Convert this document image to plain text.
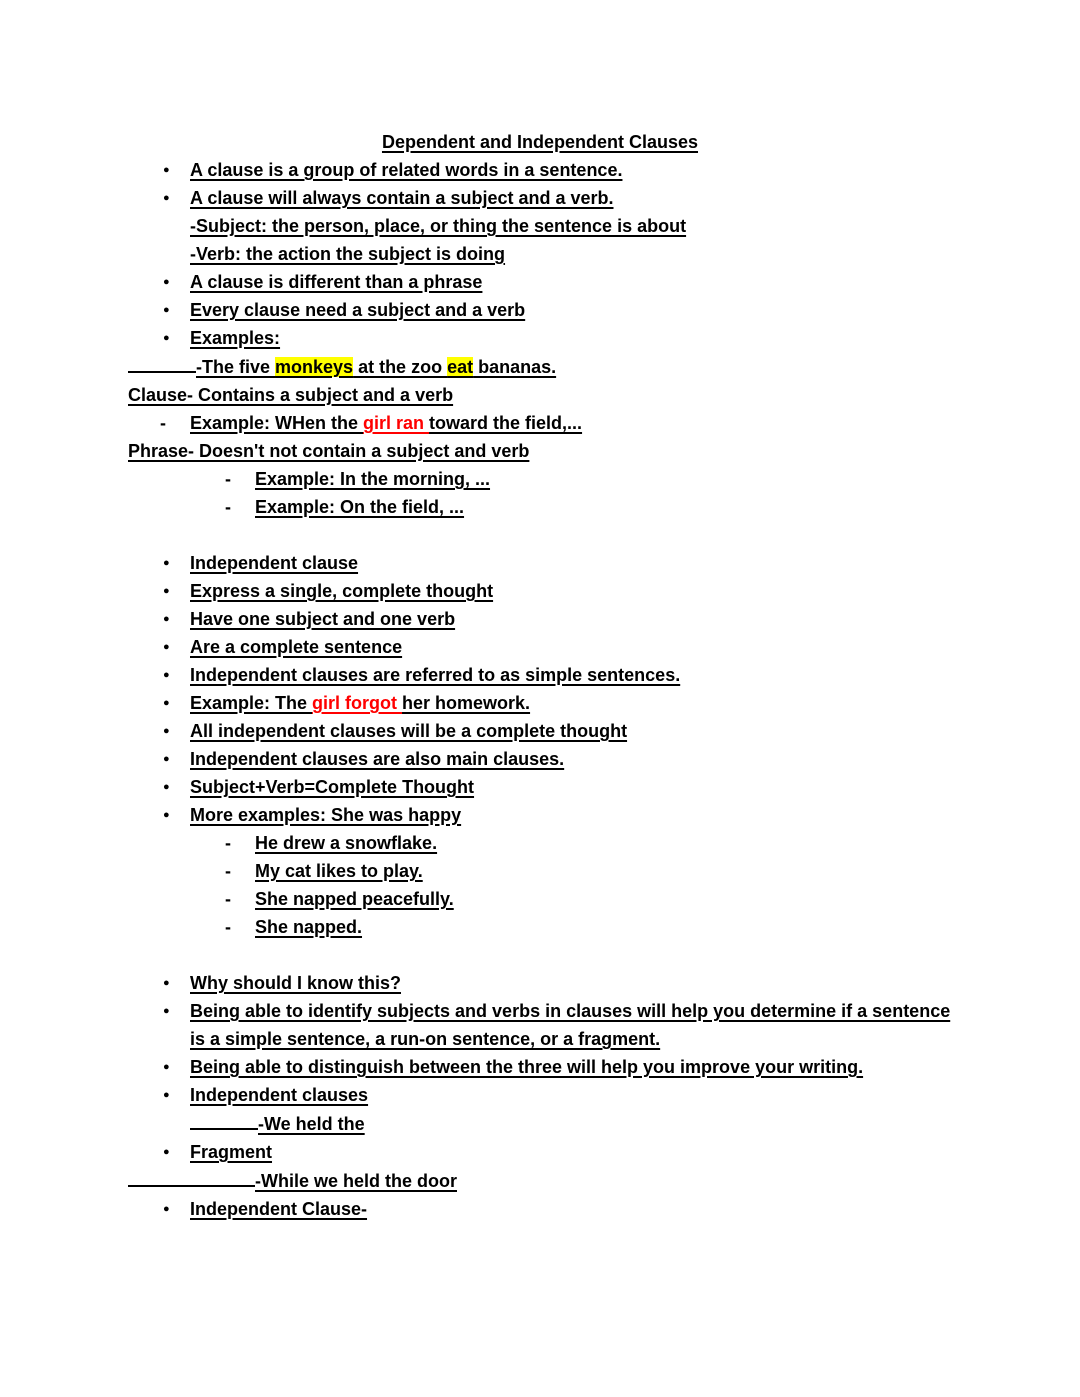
Dependent and Independent Clauses
● A clause is a group of related words in a sentence.
● A clause will always contain a subject and a verb.
-Subject: the person, place, or thing the sentence is about
-Verb: the action the subject is doing
● A clause is different than a phrase
● Every clause need a subject and a verb
● Examples:
-The five monkeys at the zoo eat bananas.
Clause- Contains a subject and a verb
- Example: WHen the girl ran toward the field,...
Phrase- Doesn't not contain a subject and verb
- Example: In the morning, ...
- Example: On the field, ...
● Independent clause
● Express a single, complete thought
● Have one subject and one verb
● Are a complete sentence
● Independent clauses are referred to as simple sentences.
● Example: The girl forgot her homework.
● All independent clauses will be a complete thought
● Independent clauses are also main clauses.
● Subject+Verb=Complete Thought
● More examples: She was happy
- He drew a snowflake.
- My cat likes to play.
- She napped peacefully.
- She napped.
● Why should I know this?
● Being able to identify subjects and verbs in clauses will help you determine if a sentence is a simple sentence, a run-on sentence, or a fragment.
● Being able to distinguish between the three will help you improve your writing.
● Independent clauses
-We held the
● Fragment
-While we held the door
● Independent Clause-
